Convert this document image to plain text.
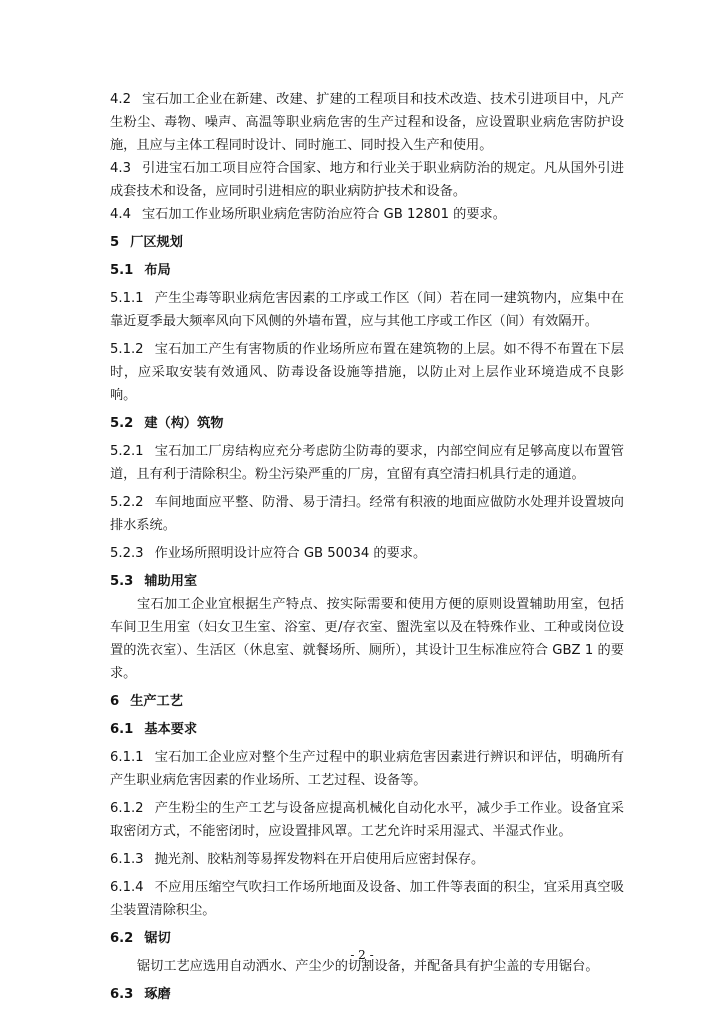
4.2 宝石加工企业在新建、改建、扩建的工程项目和技术改造、技术引进项目中，凡产生粉尘、毒物、噪声、高温等职业病危害的生产过程和设备，应设置职业病危害防护设施，且应与主体工程同时设计、同时施工、同时投入生产和使用。

4.3 引进宝石加工项目应符合国家、地方和行业关于职业病防治的规定。凡从国外引进成套技术和设备，应同时引进相应的职业病防护技术和设备。

4.4 宝石加工作业场所职业病危害防治应符合 GB 12801 的要求。

5 厂区规划

5.1 布局

5.1.1 产生尘毒等职业病危害因素的工序或工作区（间）若在同一建筑物内，应集中在靠近夏季最大频率风向下风侧的外墙布置，应与其他工序或工作区（间）有效隔开。

5.1.2 宝石加工产生有害物质的作业场所应布置在建筑物的上层。如不得不布置在下层时，应采取安装有效通风、防毒设备设施等措施，以防止对上层作业环境造成不良影响。

5.2 建（构）筑物

5.2.1 宝石加工厂房结构应充分考虑防尘防毒的要求，内部空间应有足够高度以布置管道，且有利于清除积尘。粉尘污染严重的厂房，宜留有真空清扫机具行走的通道。

5.2.2 车间地面应平整、防滑、易于清扫。经常有积液的地面应做防水处理并设置坡向排水系统。

5.2.3 作业场所照明设计应符合 GB 50034 的要求。

5.3 辅助用室

宝石加工企业宜根据生产特点、按实际需要和使用方便的原则设置辅助用室，包括车间卫生用室（妇女卫生室、浴室、更/存衣室、盥洗室以及在特殊作业、工种或岗位设置的洗衣室）、生活区（休息室、就餐场所、厕所），其设计卫生标准应符合 GBZ 1 的要求。

6 生产工艺

6.1 基本要求

6.1.1 宝石加工企业应对整个生产过程中的职业病危害因素进行辨识和评估，明确所有产生职业病危害因素的作业场所、工艺过程、设备等。

6.1.2 产生粉尘的生产工艺与设备应提高机械化自动化水平，减少手工作业。设备宜采取密闭方式，不能密闭时，应设置排风罩。工艺允许时采用湿式、半湿式作业。

6.1.3 抛光剂、胶粘剂等易挥发物料在开启使用后应密封保存。

6.1.4 不应用压缩空气吹扫工作场所地面及设备、加工件等表面的积尘，宜采用真空吸尘装置清除积尘。

6.2 锯切

锯切工艺应选用自动洒水、产尘少的切割设备，并配备具有护尘盖的专用锯台。

6.3 琢磨

- 2 -
